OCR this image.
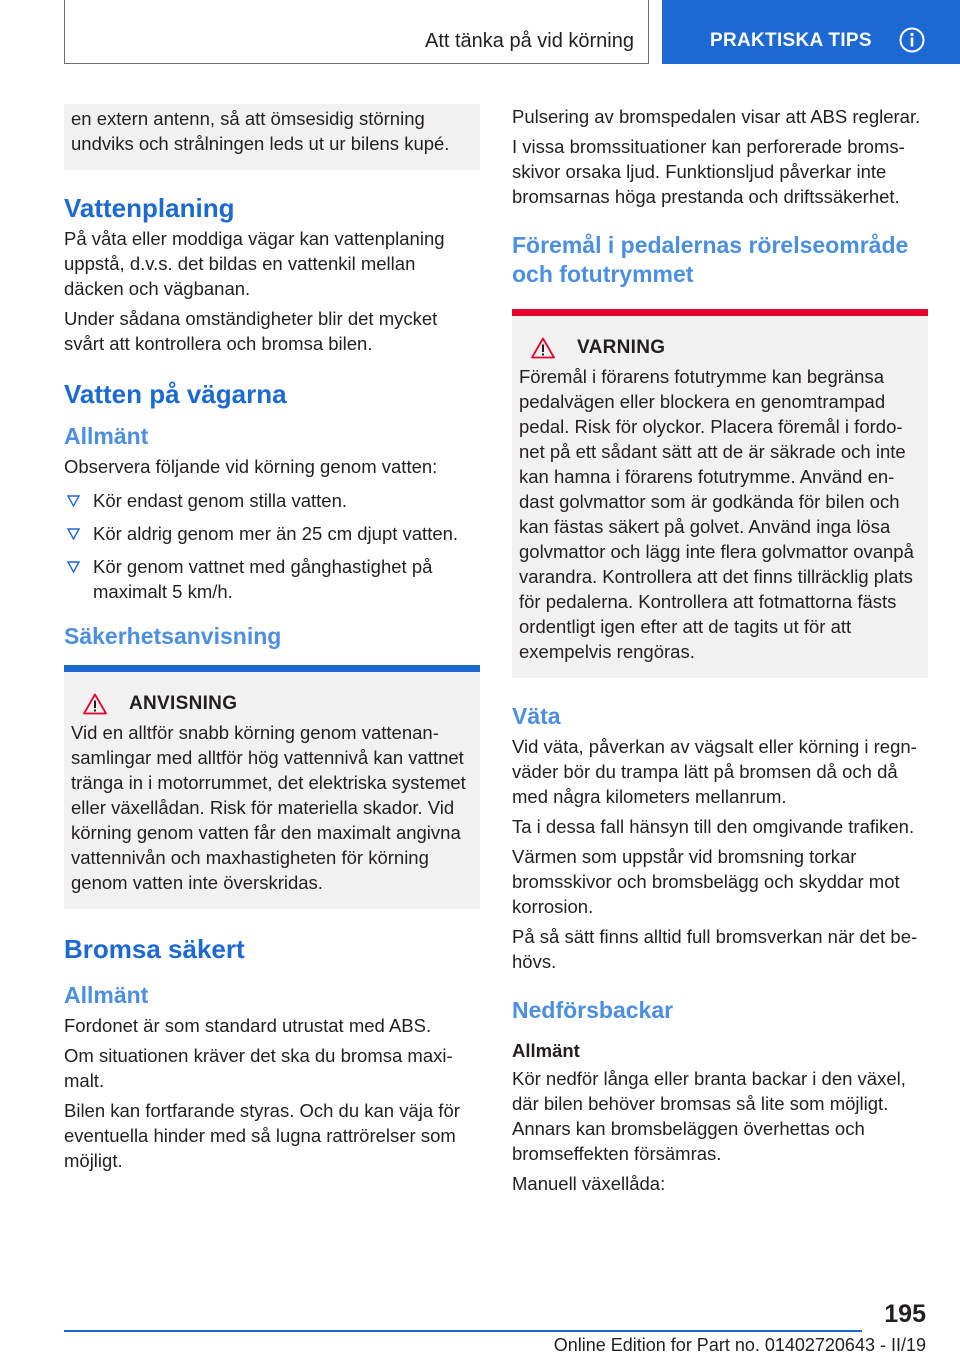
Att tänka på vid körning	PRAKTISKA TIPS

en extern antenn, så att ömsesidig störning undviks och strålningen leds ut ur bilens kupé.

Vattenplaning

På våta eller moddiga vägar kan vattenplaning uppstå, d.v.s. det bildas en vattenkil mellan däcken och vägbanan.

Under sådana omständigheter blir det mycket svårt att kontrollera och bromsa bilen.

Vatten på vägarna
Allmänt

Observera följande vid körning genom vatten:

Kör endast genom stilla vatten.
Kör aldrig genom mer än 25 cm djupt vatten.
Kör genom vattnet med gånghastighet på maximalt 5 km/h.
Säkerhetsanvisning
ANVISNING

Vid en alltför snabb körning genom vattenansamlingar med alltför hög vattennivå kan vattnet tränga in i motorrummet, det elektriska systemet eller växellådan. Risk för materiella skador. Vid körning genom vatten får den maximalt angivna vattennivån och maxhastigheten för körning genom vatten inte överskridas.

Bromsa säkert
Allmänt

Fordonet är som standard utrustat med ABS.

Om situationen kräver det ska du bromsa maximalt.

Bilen kan fortfarande styras. Och du kan väja för eventuella hinder med så lugna rattrörelser som möjligt.

Pulsering av bromspedalen visar att ABS reglerar.

I vissa bromssituationer kan perforerade bromsskivor orsaka ljud. Funktionsljud påverkar inte bromsarnas höga prestanda och driftssäkerhet.

Föremål i pedalernas rörelseområde och fotutrymmet
VARNING

Föremål i förarens fotutrymme kan begränsa pedalvägen eller blockera en genomtrampad pedal. Risk för olyckor. Placera föremål i fordonet på ett sådant sätt att de är säkrade och inte kan hamna i förarens fotutrymme. Använd endast golvmattor som är godkända för bilen och kan fästas säkert på golvet. Använd inga lösa golvmattor och lägg inte flera golvmattor ovanpå varandra. Kontrollera att det finns tillräcklig plats för pedalerna. Kontrollera att fotmattorna fästs ordentligt igen efter att de tagits ut för att exempelvis rengöras.

Väta

Vid väta, påverkan av vägsalt eller körning i regnväder bör du trampa lätt på bromsen då och då med några kilometers mellanrum.

Ta i dessa fall hänsyn till den omgivande trafiken.

Värmen som uppstår vid bromsning torkar bromsskivor och bromsbelägg och skyddar mot korrosion.

På så sätt finns alltid full bromsverkan när det behövs.

Nedförsbackar
Allmänt

Kör nedför långa eller branta backar i den växel, där bilen behöver bromsas så lite som möjligt. Annars kan bromsbeläggen överhettas och bromseffekten försämras.

Manuell växellåda:

195
Online Edition for Part no. 01402720643 - II/19
